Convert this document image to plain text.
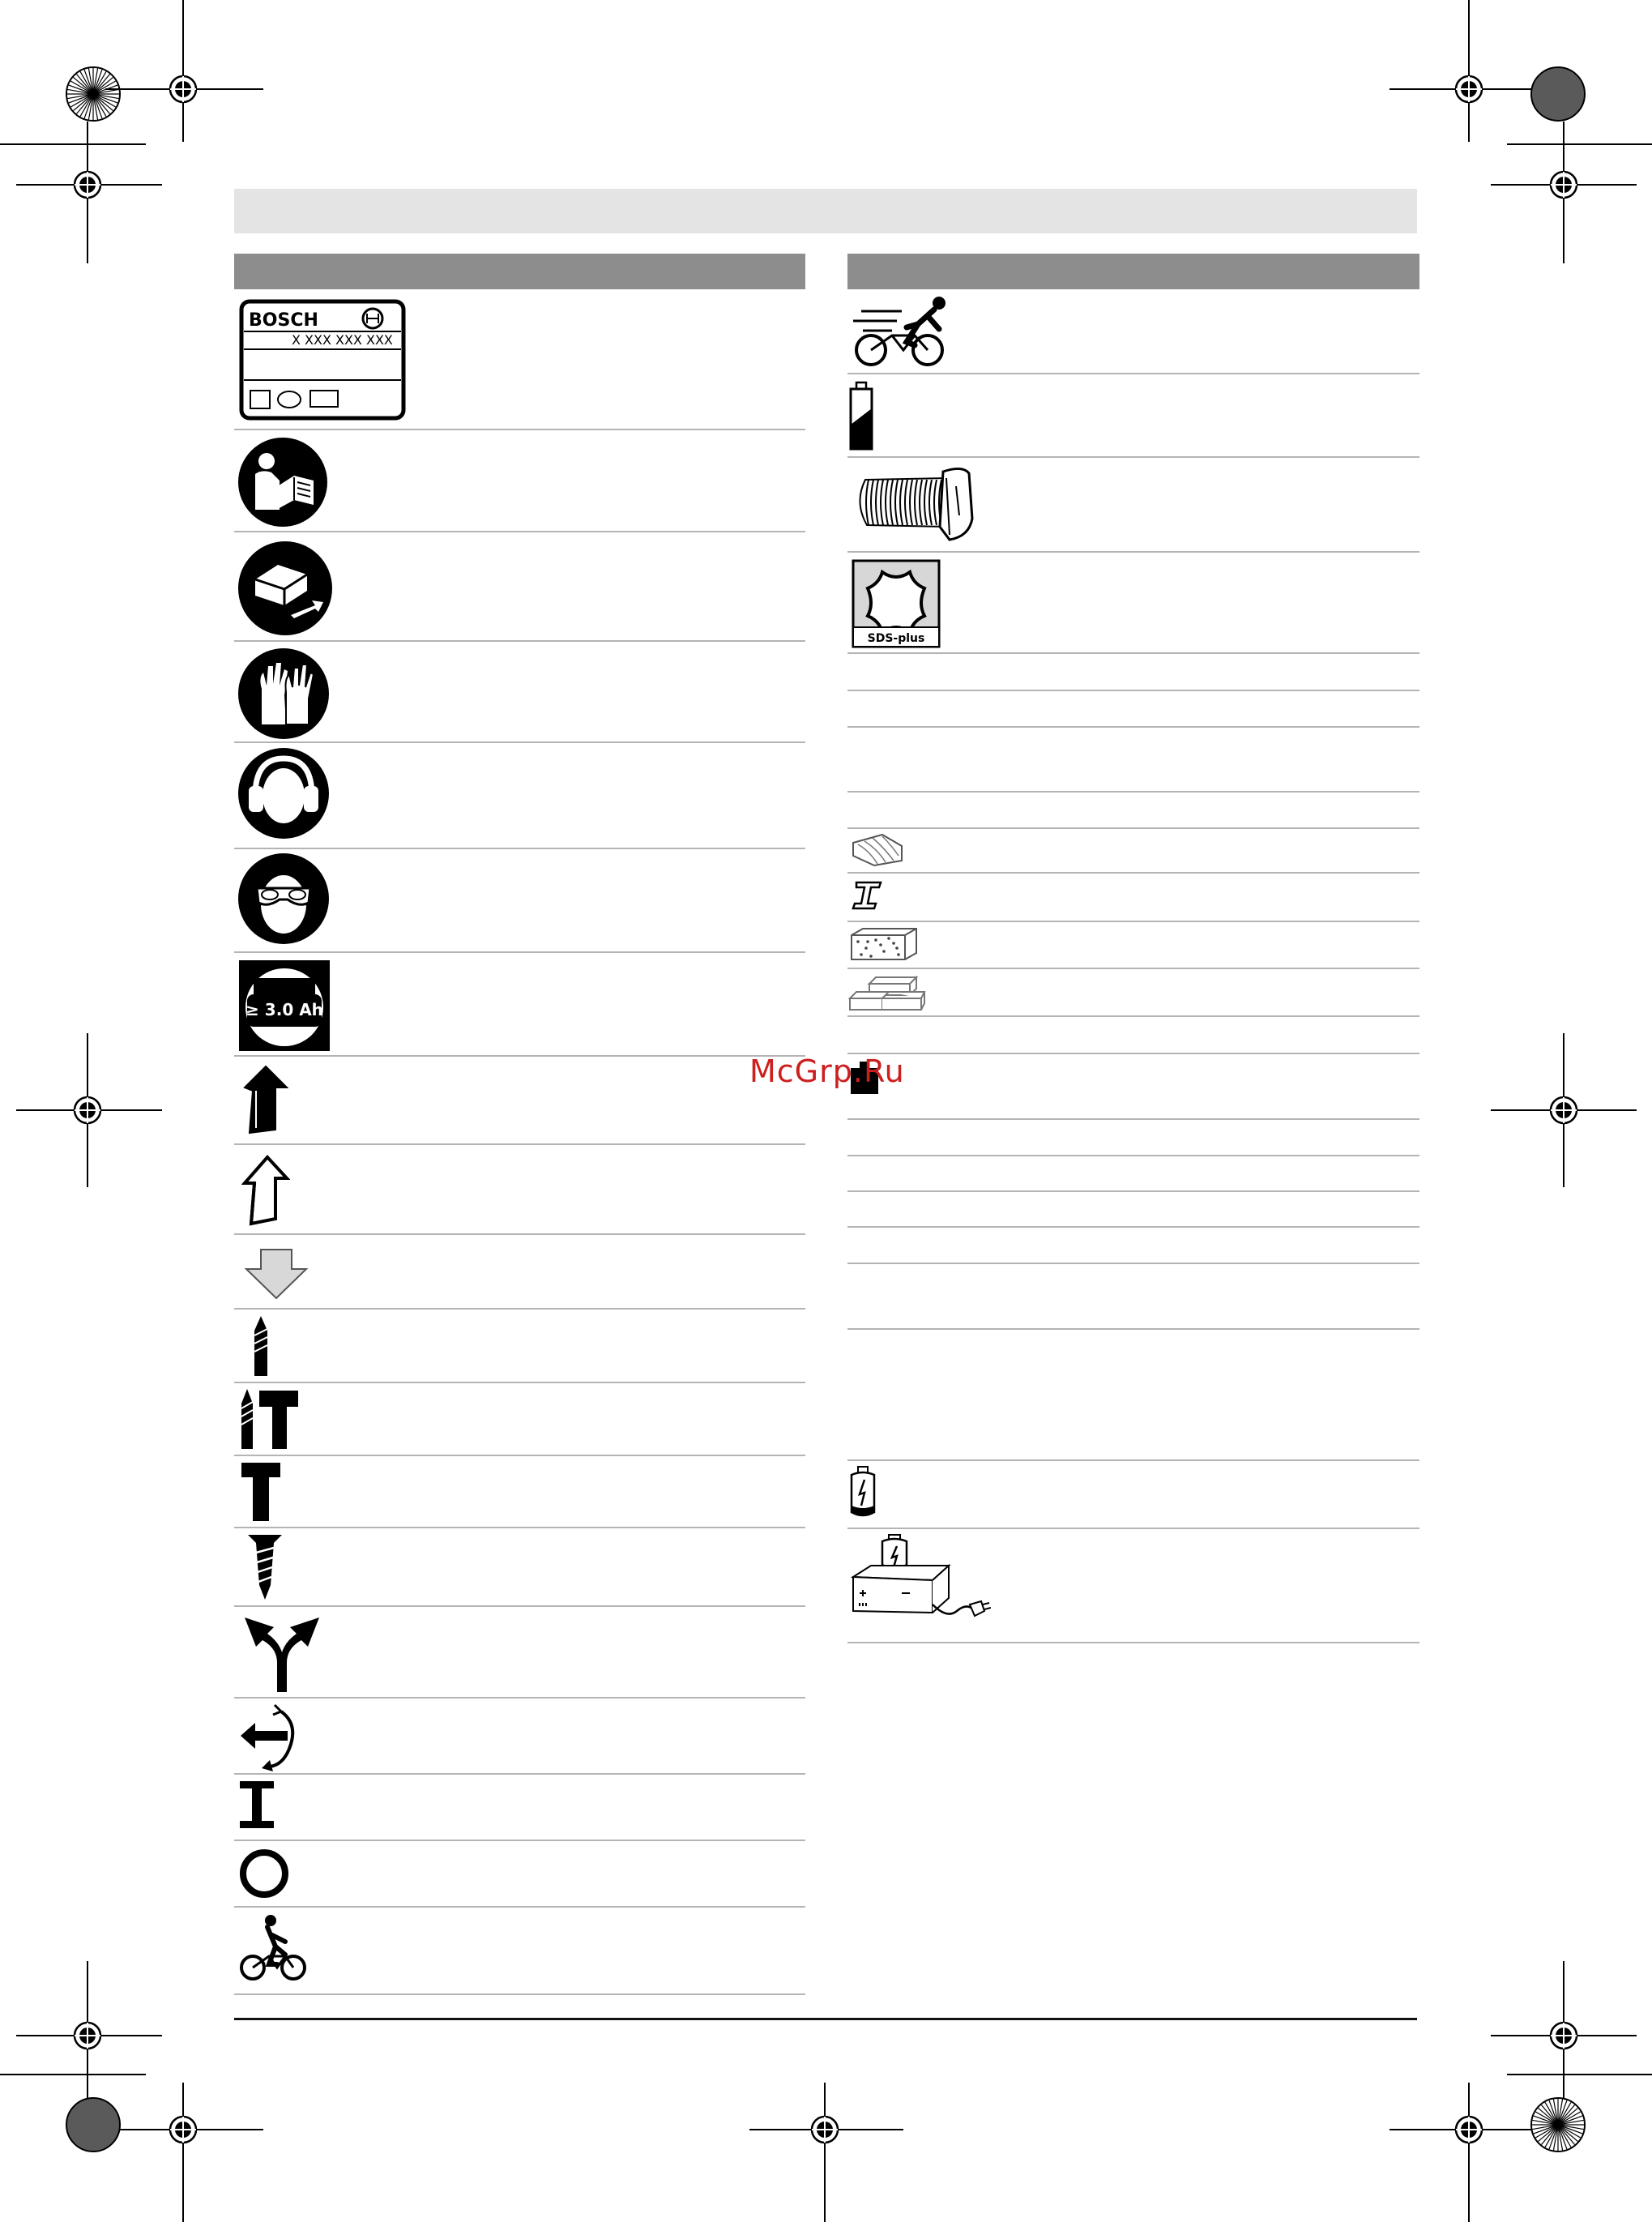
BOSCH
X XXX XXX XXX
≥ 3.0 Ah
SDS-plus
McGrp.Ru
